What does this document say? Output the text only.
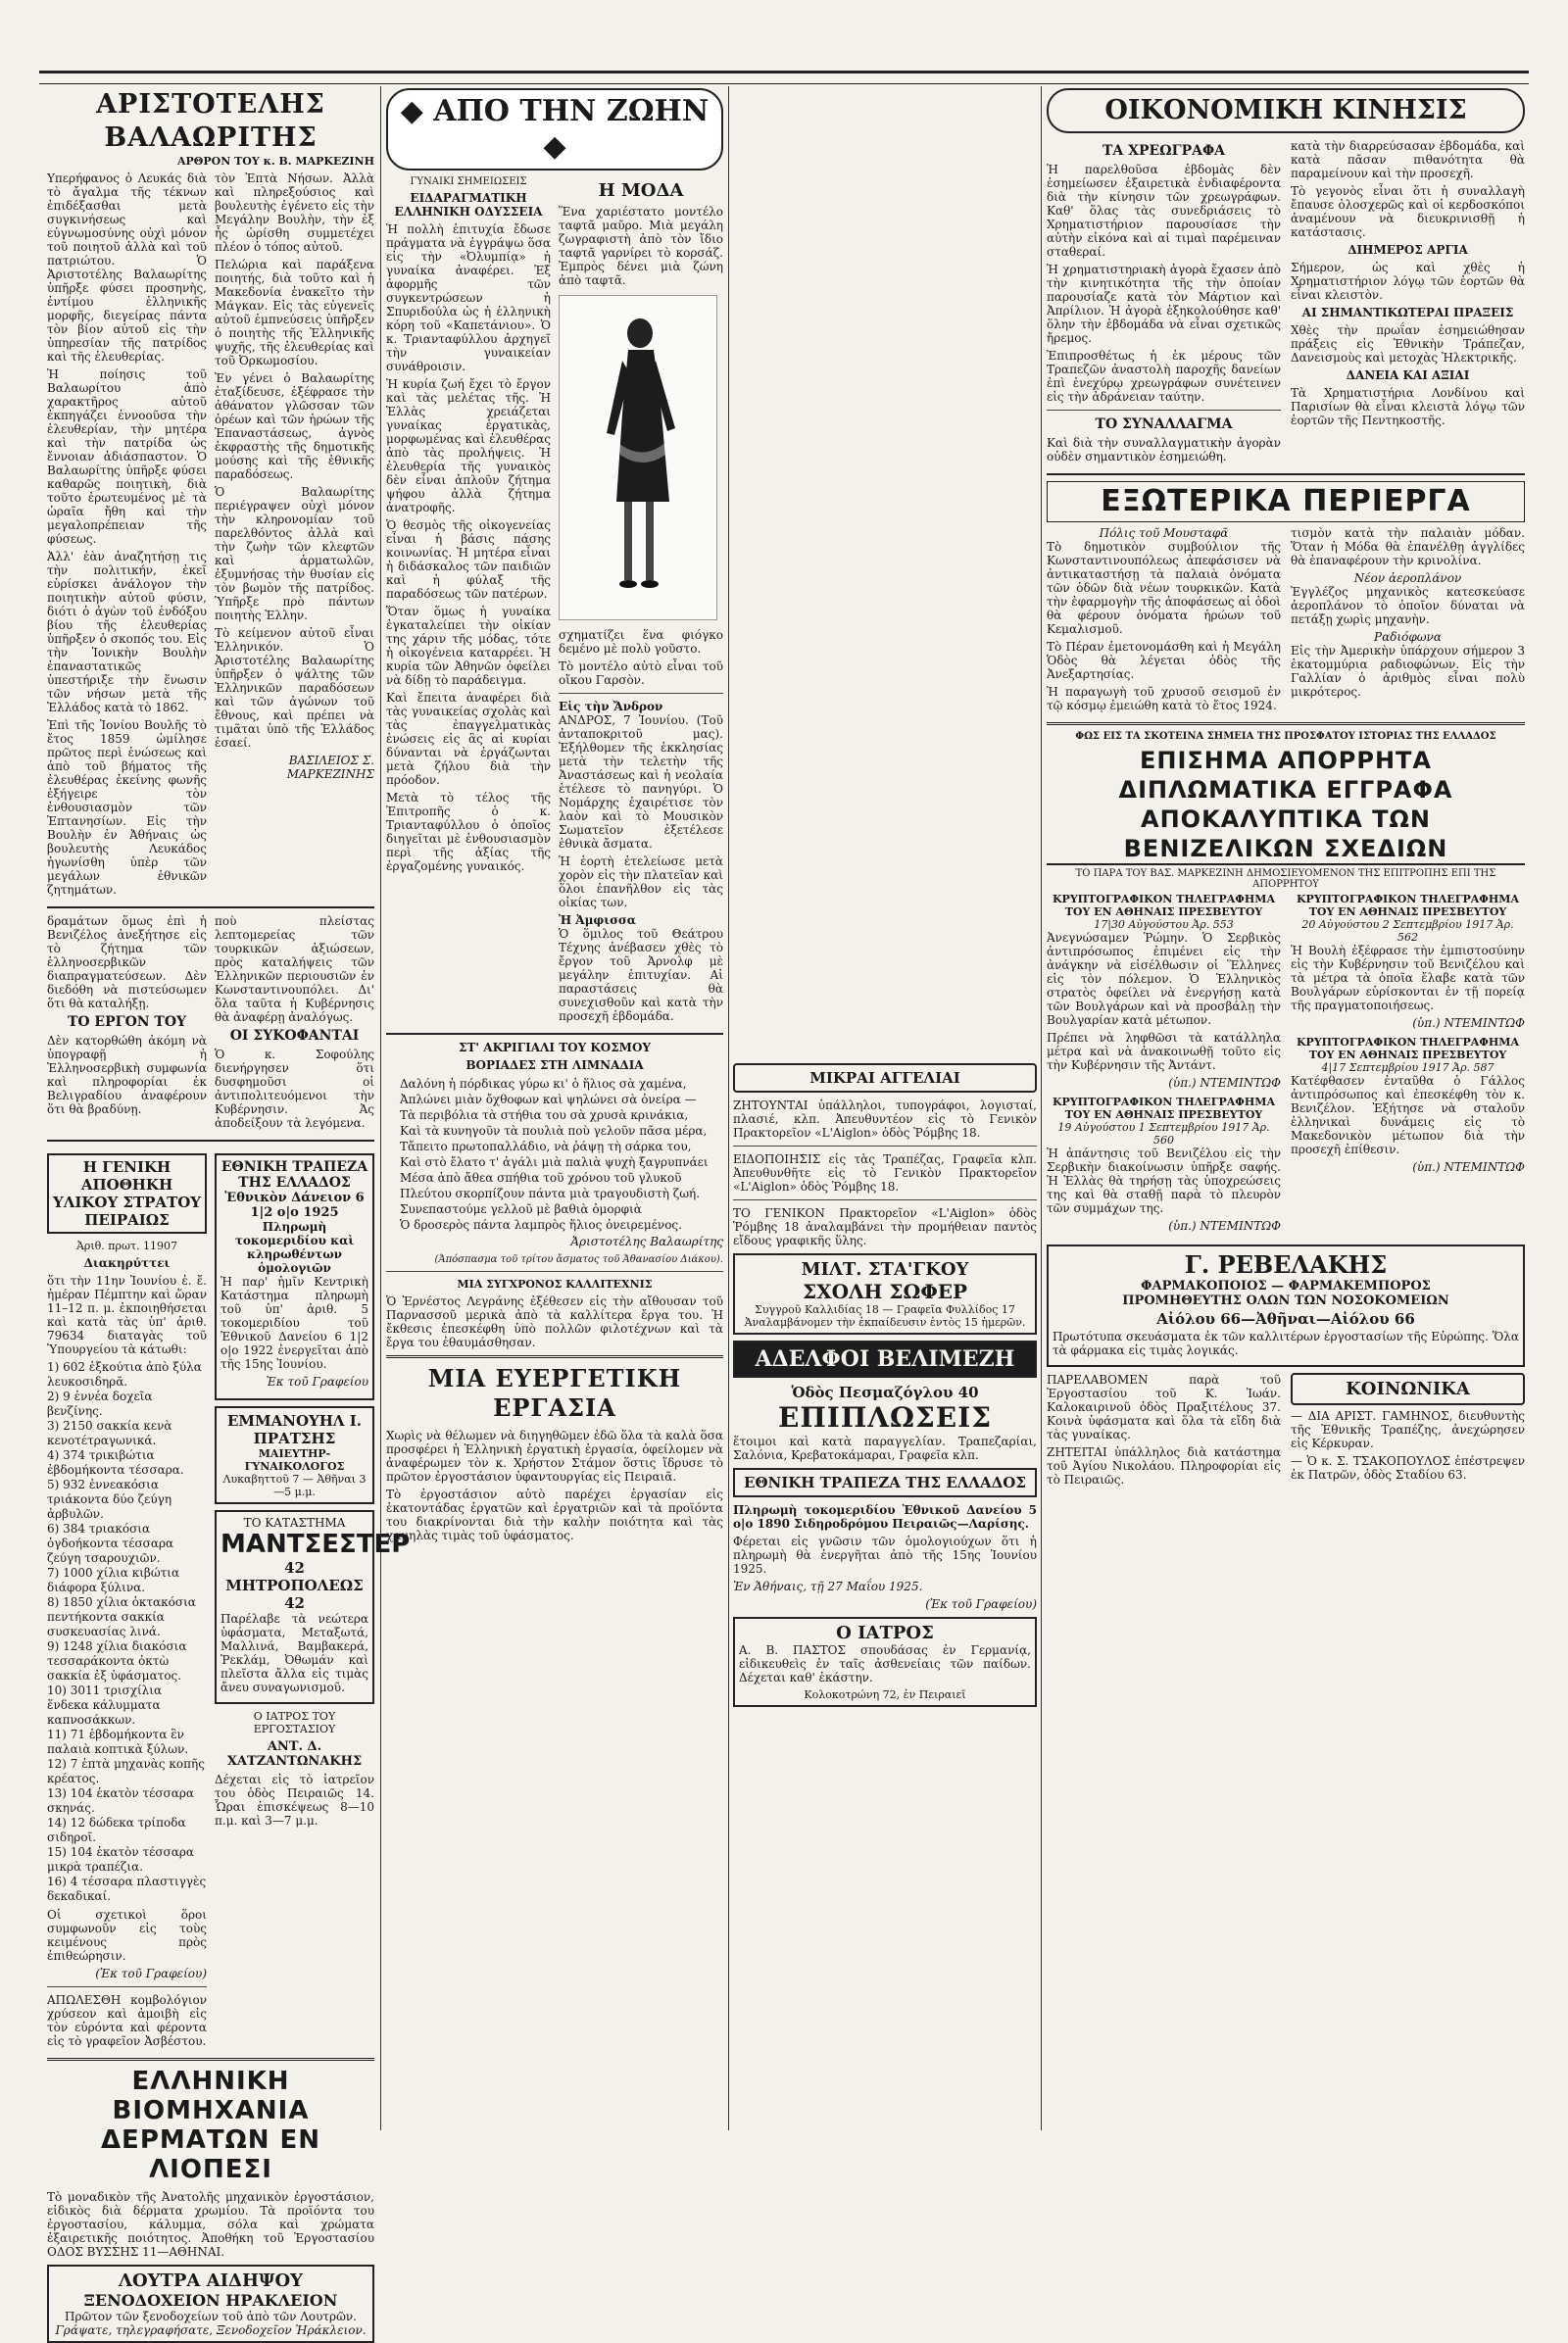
ΑΡΙΣΤΟΤΕΛΗΣ ΒΑΛΑΩΡΙΤΗΣ
ΑΡΘΡΟΝ ΤΟΥ κ. Β. ΜΑΡΚΕΖΙΝΗ

Υπερήφανος ὁ Λευκάς διὰ τὸ ἄγαλμα τῆς τέκνων ἐπιδέξασθαι μετὰ συγκινήσεως καὶ εὐγνωμοσύνης οὐχὶ μόνον τοῦ ποιητοῦ ἀλλὰ καὶ τοῦ πατριώτου. Ὁ Ἀριστοτέλης Βαλαωρίτης ὑπῆρξε φύσει προσηνὴς, ἐντίμου ἑλληνικῆς μορφῆς, διεγείρας πάντα τὸν βίον αὐτοῦ εἰς τὴν ὑπηρεσίαν τῆς πατρίδος καὶ τῆς ἐλευθερίας.

Ἡ ποίησις τοῦ Βαλαωρίτου ἀπὸ χαρακτῆρος αὐτοῦ ἐκπηγάζει ἐννοοῦσα τὴν ἐλευθερίαν, τὴν μητέρα καὶ τὴν πατρίδα ὡς ἔννοιαν ἀδιάσπαστον. Ὁ Βαλαωρίτης ὑπῆρξε φύσει καθαρῶς ποιητικὴ, διὰ τοῦτο ἐρωτευμένος μὲ τὰ ὡραῖα ἤθη καὶ τὴν μεγαλοπρέπειαν τῆς φύσεως.

Ἀλλ' ἐὰν ἀναζητήσῃ τις τὴν πολιτικήν, ἐκεῖ εὑρίσκει ἀνάλογον τὴν ποιητικὴν αὐτοῦ φύσιν, διότι ὁ ἀγὼν τοῦ ἐνδόξου βίου τῆς ἐλευθερίας ὑπῆρξεν ὁ σκοπός του. Εἰς τὴν Ἰονικὴν Βουλὴν ἐπαναστατικῶς ὑπεστήριξε τὴν ἕνωσιν τῶν νήσων μετὰ τῆς Ἑλλάδος κατὰ τὸ 1862.

Ἐπὶ τῆς Ἰονίου Βουλῆς τὸ ἔτος 1859 ὡμίλησε πρῶτος περὶ ἑνώσεως καὶ ἀπὸ τοῦ βήματος τῆς ἐλευθέρας ἐκείνης φωνῆς ἐξήγειρε τὸν ἐνθουσιασμὸν τῶν Ἑπτανησίων. Εἰς τὴν Βουλὴν ἐν Ἀθήναις ὡς βουλευτὴς Λευκάδος ἠγωνίσθη ὑπὲρ τῶν μεγάλων ἐθνικῶν ζητημάτων.

τὸν Ἐπτὰ Νήσων. Ἀλλὰ καὶ πληρεξούσιος καὶ βουλευτὴς ἐγένετο εἰς τὴν Μεγάλην Βουλὴν, τὴν ἐξ ἧς ὡρίσθη συμμετέχει πλέον ὁ τόπος αὐτοῦ.

Πελώρια καὶ παράξενα ποιητής, διὰ τοῦτο καὶ ἡ Μακεδονία ἐνακεῖτο τὴν Μάγκαν. Εἰς τὰς εὐγενεῖς αὐτοῦ ἐμπνεύσεις ὑπῆρξεν ὁ ποιητὴς τῆς Ἑλληνικῆς ψυχῆς, τῆς ἐλευθερίας καὶ τοῦ Ὀρκωμοσίου.

Ἐν γένει ὁ Βαλαωρίτης ἐταξίδευσε, ἐξέφρασε τὴν ἀθάνατον γλῶσσαν τῶν ὀρέων καὶ τῶν ἡρώων τῆς Ἑπαναστάσεως, ἀγνὸς ἐκφραστὴς τῆς δημοτικῆς μούσης καὶ τῆς ἐθνικῆς παραδόσεως.

Ὁ Βαλαωρίτης περιέγραψεν οὐχὶ μόνον τὴν κληρονομίαν τοῦ παρελθόντος ἀλλὰ καὶ τὴν ζωὴν τῶν κλεφτῶν καὶ ἁρματωλῶν, ἐξυμνήσας τὴν θυσίαν εἰς τὸν βωμὸν τῆς πατρίδος. Ὑπῆρξε πρὸ πάντων ποιητὴς Ἑλλην.

Τὸ κείμενον αὐτοῦ εἶναι Ἑλληνικόν. Ὁ Ἀριστοτέλης Βαλαωρίτης ὑπῆρξεν ὁ ψάλτης τῶν Ἑλληνικῶν παραδόσεων καὶ τῶν ἀγώνων τοῦ ἔθνους, καὶ πρέπει νὰ τιμᾶται ὑπὸ τῆς Ἑλλάδος ἐσαεί.

ΒΑΣΙΛΕΙΟΣ Σ. ΜΑΡΚΕΖΙΝΗΣ

δραμάτων ὅμως ἐπὶ ἡ Βενιζέλος ἀνεξήτησε εἰς τὸ ζήτημα τῶν ἑλληνοσερβικῶν διαπραγματεύσεων. Δὲν διεδόθη νὰ πιστεύσωμεν ὅτι θὰ καταλήξῃ.

ΤΟ ΕΡΓΟΝ ΤΟΥ

Δὲν κατορθώθη ἀκόμη νὰ ὑπογραφῇ ἡ Ἑλληνοσερβικὴ συμφωνία καὶ πληροφορίαι ἐκ Βελιγραδίου ἀναφέρουν ὅτι θὰ βραδύνῃ.

ποὺ πλείστας λεπτομερείας τῶν τουρκικῶν ἀξιώσεων, πρὸς καταλήψεις τῶν Ἑλληνικῶν περιουσιῶν ἐν Κωνσταντινουπόλει. Δι' ὅλα ταῦτα ἡ Κυβέρνησις θὰ ἀναφέρῃ ἀναλόγως.

ΟΙ ΣΥΚΟΦΑΝΤΑΙ

Ὁ κ. Σοφούλης διενήργησεν ὅτι δυσφημοῦσι οἱ ἀντιπολιτευόμενοι τὴν Κυβέρνησιν. Ἀς ἀποδείξουν τὰ λεγόμενα.

Η ΓΕΝΙΚΗ ΑΠΟΘΗΚΗ ΥΛΙΚΟΥ ΣΤΡΑΤΟΥ ΠΕΙΡΑΙΩΣ
Ἀριθ. πρωτ. 11907
Διακηρύττει

ὅτι τὴν 11ην Ἰουνίου ἐ. ἔ. ἡμέραν Πέμπτην καὶ ὥραν 11–12 π. μ. ἐκποιηθήσεται καὶ κατὰ τὰς ὑπ' ἀριθ. 79634 διαταγὰς τοῦ Ὑπουργείου τὰ κάτωθι:

1) 602 ἐξκούτια ἀπὸ ξύλα λευκοσιδηρᾶ.

2) 9 ἐννέα δοχεῖα βενζίνης.

3) 2150 σακκία κενὰ κενοτέτραγωνικά.

4) 374 τρικιβώτια ἐβδομήκοντα τέσσαρα.

5) 932 ἐννεακόσια τριάκοντα δύο ζεύγη ἀρβυλῶν.

6) 384 τριακόσια ὀγδοήκοντα τέσσαρα ζεύγη τσαρουχιῶν.

7) 1000 χίλια κιβώτια διάφορα ξύλινα.

8) 1850 χίλια ὀκτακόσια πεντήκοντα σακκία συσκευασίας λινά.

9) 1248 χίλια διακόσια τεσσαράκοντα ὀκτὼ σακκία ἐξ ὑφάσματος.

10) 3011 τρισχίλια ἕνδεκα κάλυμματα καπνοσάκκων.

11) 71 ἑβδομήκοντα ἓν παλαιὰ κοπτικὰ ξύλων.

12) 7 ἑπτὰ μηχανὰς κοπῆς κρέατος.

13) 104 ἑκατὸν τέσσαρα σκηνάς.

14) 12 δώδεκα τρίποδα σιδηροῖ.

15) 104 ἑκατὸν τέσσαρα μικρὰ τραπέζια.

16) 4 τέσσαρα πλαστιγγὲς δεκαδικαί.

Οἱ σχετικοὶ ὅροι συμφωνοῦν εἰς τοὺς κειμένους πρὸς ἐπιθεώρησιν.

(Ἐκ τοῦ Γραφείου)

ΑΠΩΛΕΣΘΗ κομβολόγιον χρύσεον καὶ ἀμοιβὴ εἰς τὸν εὑρόντα καὶ φέροντα εἰς τὸ γραφεῖον Ἀσβέστου.

ΕΘΝΙΚΗ ΤΡΑΠΕΖΑ ΤΗΣ ΕΛΛΑΔΟΣ
Ἐθνικὸν Δάνειον 6 1|2 ο|ο 1925
Πληρωμὴ τοκομεριδίου καὶ κληρωθέντων ὁμολογιῶν

Ἡ παρ' ἡμῖν Κεντρικὴ Κατάστημα πληρωμὴ τοῦ ὑπ' ἀριθ. 5 τοκομεριδίου τοῦ Ἐθνικοῦ Δανείου 6 1|2 ο|ο 1922 ἐνεργεῖται ἀπὸ τῆς 15ης Ἰουνίου.

Ἐκ τοῦ Γραφείου
ΕΜΜΑΝΟΥΗΛ Ι. ΠΡΑΤΣΗΣ
ΜΑΙΕΥΤΗΡ-ΓΥΝΑΙΚΟΛΟΓΟΣ
Λυκαβηττοῦ 7 — Ἀθῆναι 3—5 μ.μ.
ΤΟ ΚΑΤΑΣΤΗΜΑ
ΜΑΝΤΣΕΣΤΕΡ
42 ΜΗΤΡΟΠΟΛΕΩΣ 42

Παρέλαβε τὰ νεώτερα ὑφάσματα, Μεταξωτά, Μαλλινά, Βαμβακερά, Ῥεκλάμ, Ὀθωμάν καὶ πλεῖστα ἄλλα εἰς τιμὰς ἄνευ συναγωνισμοῦ.

Ο ΙΑΤΡΟΣ ΤΟΥ ΕΡΓΟΣΤΑΣΙΟΥ
ΑΝΤ. Δ. ΧΑΤΖΑΝΤΩΝΑΚΗΣ

Δέχεται εἰς τὸ ἰατρεῖον του ὁδὸς Πειραιῶς 14. Ὧραι ἐπισκέψεως 8—10 π.μ. καὶ 3—7 μ.μ.

ΕΛΛΗΝΙΚΗ ΒΙΟΜΗΧΑΝΙΑ ΔΕΡΜΑΤΩΝ ΕΝ ΛΙΟΠΕΣΙ

Τὸ μοναδικὸν τῆς Ἀνατολῆς μηχανικὸν ἐργοστάσιον, εἰδικὸς διὰ δέρματα χρωμίου. Τὰ προϊόντα του ἐργοστασίου, κάλυμμα, σόλα καὶ χρώματα ἐξαιρετικῆς ποιότητος. Ἀποθήκη τοῦ Ἐργοστασίου ΟΔΟΣ ΒΥΣΣΗΣ 11—ΑΘΗΝΑΙ.

ΛΟΥΤΡΑ ΑΙΔΗΨΟΥ
ΞΕΝΟΔΟΧΕΙΟΝ ΗΡΑΚΛΕΙΟΝ
Πρῶτον τῶν ξενοδοχείων τοῦ ἀπὸ τῶν Λουτρῶν.
Γράψατε, τηλεγραφήσατε, Ξενοδοχεῖον Ἡράκλειον.
◆ ΑΠΟ ΤΗΝ ΖΩΗΝ ◆
ΓΥΝΑΙΚΙ ΣΗΜΕΙΩΣΕΙΣ
ΕΙΔΑΡΑΓΜΑΤΙΚΗ ΕΛΛΗΝΙΚΗ ΟΔΥΣΣΕΙΑ

Ἡ πολλὴ ἐπιτυχία ἔδωσε πράγματα νὰ ἐγγράψω ὅσα εἰς τὴν «Ὀλυμπίᾳ» ἡ γυναίκα ἀναφέρει. Ἐξ ἀφορμῆς τῶν συγκεντρώσεων ἡ Σπυριδούλα ὡς ἡ ἑλληνικὴ κόρη τοῦ «Καπετάνιου». Ὁ κ. Τριανταφύλλου ἀρχηγεῖ τὴν γυναικείαν συνάθροισιν.

Ἡ κυρία ζωή ἔχει τὸ ἔργον καὶ τὰς μελέτας τῆς. Ἡ Ἑλλὰς χρειάζεται γυναίκας ἐργατικὰς, μορφωμένας καὶ ἐλευθέρας ἀπὸ τὰς προλήψεις. Ἡ ἐλευθερία τῆς γυναικὸς δὲν εἶναι ἁπλοῦν ζήτημα ψήφου ἀλλὰ ζήτημα ἀνατροφῆς.

Ὁ θεσμὸς τῆς οἰκογενείας εἶναι ἡ βάσις πάσης κοινωνίας. Ἡ μητέρα εἶναι ἡ διδάσκαλος τῶν παιδιῶν καὶ ἡ φύλαξ τῆς παραδόσεως τῶν πατέρων.

Ὅταν ὅμως ἡ γυναίκα ἐγκαταλείπει τὴν οἰκίαν της χάριν τῆς μόδας, τότε ἡ οἰκογένεια καταρρέει. Ἡ κυρία τῶν Ἀθηνῶν ὀφείλει νὰ δίδῃ τὸ παράδειγμα.

Καὶ ἔπειτα ἀναφέρει διὰ τὰς γυναικείας σχολὰς καὶ τὰς ἐπαγγελματικὰς ἑνώσεις εἰς ἃς αἱ κυρίαι δύνανται νὰ ἐργάζωνται μετὰ ζήλου διὰ τὴν πρόοδον.

Μετὰ τὸ τέλος τῆς Ἐπιτροπῆς ὁ κ. Τριανταφύλλου ὁ ὁποῖος διηγεῖται μὲ ἐνθουσιασμὸν περὶ τῆς ἀξίας τῆς ἐργαζομένης γυναικός.

Η ΜΟΔΑ

Ἕνα χαριέστατο μοντέλο ταφτᾶ μαῦρο. Μιὰ μεγάλη ζωγραφιστὴ ἀπὸ τὸν ἴδιο ταφτᾶ γαρνίρει τὸ κορσάζ. Ἐμπρὸς δένει μιὰ ζώνη ἀπὸ ταφτᾶ.

σχηματίζει ἕνα φιόγκο δεμένο μὲ πολὺ γοῦστο.

Τὸ μοντέλο αὐτὸ εἶναι τοῦ οἴκου Γαρσὸν.

Εἰς τὴν Ἄνδρον

ΑΝΔΡΟΣ, 7 Ἰουνίου. (Τοῦ ἀνταποκριτοῦ μας). Ἐξήλθομεν τῆς ἐκκλησίας μετὰ τὴν τελετὴν τῆς Ἀναστάσεως καὶ ἡ νεολαία ἐτέλεσε τὸ πανηγύρι. Ὁ Νομάρχης ἐχαιρέτισε τὸν λαὸν καὶ τὸ Μουσικὸν Σωματεῖον ἐξετέλεσε ἐθνικὰ ἄσματα.

Ἡ ἑορτὴ ἐτελείωσε μετὰ χορὸν εἰς τὴν πλατεῖαν καὶ ὅλοι ἐπανῆλθον εἰς τὰς οἰκίας των.

Ἡ Ἀμφισσα

Ὁ ὅμιλος τοῦ Θεάτρου Τέχνης ἀνέβασεν χθὲς τὸ ἔργον τοῦ Ἀρνολφ μὲ μεγάλην ἐπιτυχίαν. Αἱ παραστάσεις θὰ συνεχισθοῦν καὶ κατὰ τὴν προσεχῆ ἑβδομάδα.

ΣΤ' ΑΚΡΙΓΙΑΛΙ ΤΟΥ ΚΟΣΜΟΥ
ΒΟΡΙΑΔΕΣ ΣΤΗ ΛΙΜΝΑΔΙΑ
Δαλόνη ἡ πόρδικας γύρω κι' ὁ ἥλιος σὰ χαμένα,
Ἀπλώνει μιὰν ὄχθοφων καὶ ψηλώνει σὰ ὀνείρα —
Τὰ περιβόλια τὰ στήθια του σὰ χρυσὰ κρινάκια,
Καὶ τὰ κυνηγοῦν τὰ πουλιὰ ποὺ γελοῦν πᾶσα μέρα,
Τἄπειτο πρωτοπαλλάδιο, νὰ ῥάψῃ τὴ σάρκα του,
Καὶ στὸ ἔλατο τ' ἀγάλι μιὰ παλιὰ ψυχὴ ξαγρυπνάει
Μέσα ἀπὸ ἄθεα σπήθια τοῦ χρόνου τοῦ γλυκοῦ
Πλεύτου σκορπίζουν πάντα μιὰ τραγουδιστὴ ζωή.
Συνεπαστούμε γελλοῦ μὲ βαθιὰ ὀμορφιὰ
Ὁ δροσερὸς πάντα λαμπρὸς ἥλιος ὀνειρεμένος.
Ἀριστοτέλης Βαλαωρίτης
(Ἀπόσπασμα τοῦ τρίτου ἄσματος τοῦ Ἀθανασίου Διάκου).
ΜΙΑ ΣΥΓΧΡΟΝΟΣ ΚΑΛΛΙΤΕΧΝΙΣ

Ὁ Ἐρνέστος Λεγράνης ἐξέθεσεν εἰς τὴν αἴθουσαν τοῦ Παρνασσοῦ μερικὰ ἀπὸ τὰ καλλίτερα ἔργα του. Ἡ ἔκθεσις ἐπεσκέφθη ὑπὸ πολλῶν φιλοτέχνων καὶ τὰ ἔργα του ἐθαυμάσθησαν.

ΜΙΑ ΕΥΕΡΓΕΤΙΚΗ ΕΡΓΑΣΙΑ

Χωρὶς νὰ θέλωμεν νὰ διηγηθῶμεν ἐδῶ ὅλα τὰ καλὰ ὅσα προσφέρει ἡ Ἑλληνικὴ ἐργατικὴ ἐργασία, ὀφείλομεν νὰ ἀναφέρωμεν τὸν κ. Χρήστον Στάμον ὅστις ἵδρυσε τὸ πρῶτον ἐργοστάσιον ὑφαντουργίας εἰς Πειραιᾶ.

Τὸ ἐργοστάσιον αὐτὸ παρέχει ἐργασίαν εἰς ἑκατοντάδας ἐργατῶν καὶ ἐργατριῶν καὶ τὰ προϊόντα του διακρίνονται διὰ τὴν καλὴν ποιότητα καὶ τὰς χαμηλὰς τιμὰς τοῦ ὑφάσματος.

ΜΙΚΡΑΙ ΑΓΓΕΛΙΑΙ

ΖΗΤΟΥΝΤΑΙ ὑπάλληλοι, τυπογράφοι, λογισταί, πλασιέ, κλπ. Ἀπευθυντέον εἰς τὸ Γενικὸν Πρακτορεῖον «L'Aiglon» ὁδὸς Ῥόμβης 18.

ΕΙΔΟΠΟΙΗΣΙΣ εἰς τὰς Τραπέζας, Γραφεῖα κλπ. Ἀπευθυνθῆτε εἰς τὸ Γενικὸν Πρακτορεῖον «L'Aiglon» ὁδὸς Ῥόμβης 18.

ΤΟ ΓΕΝΙΚΟΝ Πρακτορεῖον «L'Aiglon» ὁδὸς Ῥόμβης 18 ἀναλαμβάνει τὴν προμήθειαν παντὸς εἴδους γραφικῆς ὕλης.

ΜΙΛΤ. ΣΤΑ'ΓΚΟΥ
ΣΧΟΛΗ ΣΩΦΕΡ
Συγγροῦ Καλλιδίας 18 — Γραφεῖα Φυλλίδος 17
Ἀναλαμβάνομεν τὴν ἐκπαίδευσιν ἐντὸς 15 ἡμερῶν.
ΑΔΕΛΦΟΙ ΒΕΛΙΜΕΖΗ
Ὁδὸς Πεσμαζόγλου 40
ΕΠΙΠΛΩΣΕΙΣ

ἕτοιμοι καὶ κατὰ παραγγελίαν. Τραπεζαρίαι, Σαλόνια, Κρεβατοκάμαραι, Γραφεῖα κλπ.

ΕΘΝΙΚΗ ΤΡΑΠΕΖΑ ΤΗΣ ΕΛΛΑΔΟΣ

Πληρωμὴ τοκομεριδίου Ἐθνικοῦ Δανείου 5 ο|ο 1890 Σιδηροδρόμου Πειραιῶς—Λαρίσης.

Φέρεται εἰς γνῶσιν τῶν ὁμολογιούχων ὅτι ἡ πληρωμὴ θὰ ἐνεργῆται ἀπὸ τῆς 15ης Ἰουνίου 1925.

Ἐν Ἀθήναις, τῇ 27 Μαΐου 1925.

(Ἐκ τοῦ Γραφείου)
Ο ΙΑΤΡΟΣ

Α. Β. ΠΑΣΤΟΣ σπουδάσας ἐν Γερμανίᾳ, εἰδικευθεὶς ἐν ταῖς ἀσθενείαις τῶν παίδων. Δέχεται καθ' ἑκάστην.

Κολοκοτρώνη 72, ἐν Πειραιεῖ
ΟΙΚΟΝΟΜΙΚΗ ΚΙΝΗΣΙΣ
ΤΑ ΧΡΕΩΓΡΑΦΑ

Ἡ παρελθοῦσα ἑβδομὰς δὲν ἐσημείωσεν ἐξαιρετικὰ ἐνδιαφέροντα διὰ τὴν κίνησιν τῶν χρεωγράφων. Καθ' ὅλας τὰς συνεδριάσεις τὸ Χρηματιστήριον παρουσίασε τὴν αὐτὴν εἰκόνα καὶ αἱ τιμαὶ παρέμειναν σταθεραί.

Ἡ χρηματιστηριακὴ ἀγορὰ ἔχασεν ἀπὸ τὴν κινητικότητα τῆς τὴν ὁποίαν παρουσίαζε κατὰ τὸν Μάρτιον καὶ Ἀπρίλιον. Ἡ ἀγορὰ ἐξηκολούθησε καθ' ὅλην τὴν ἑβδομάδα νὰ εἶναι σχετικῶς ἤρεμος.

Ἐπιπροσθέτως ἡ ἐκ μέρους τῶν Τραπεζῶν ἀναστολὴ παροχῆς δανείων ἐπὶ ἐνεχύρῳ χρεωγράφων συνέτεινεν εἰς τὴν ἀδράνειαν ταύτην.

ΤΟ ΣΥΝΑΛΛΑΓΜΑ

Καὶ διὰ τὴν συναλλαγματικὴν ἀγορὰν οὐδὲν σημαντικὸν ἐσημειώθη.

κατὰ τὴν διαρρεύσασαν ἑβδομάδα, καὶ κατὰ πᾶσαν πιθανότητα θὰ παραμείνουν καὶ τὴν προσεχῆ.

Τὸ γεγονὸς εἶναι ὅτι ἡ συναλλαγὴ ἔπαυσε ὁλοσχερῶς καὶ οἱ κερδοσκόποι ἀναμένουν νὰ διευκρινισθῇ ἡ κατάστασις.

ΔΙΗΜΕΡΟΣ ΑΡΓΙΑ

Σήμερον, ὡς καὶ χθὲς ἡ Χρηματιστήριον λόγῳ τῶν ἑορτῶν θὰ εἶναι κλειστὸν.

ΑΙ ΣΗΜΑΝΤΙΚΩΤΕΡΑΙ ΠΡΑΞΕΙΣ

Χθὲς τὴν πρωΐαν ἐσημειώθησαν πράξεις εἰς Ἐθνικὴν Τράπεζαν, Δανεισμοὺς καὶ μετοχὰς Ἠλεκτρικῆς.

ΔΑΝΕΙΑ ΚΑΙ ΑΞΙΑΙ

Τὰ Χρηματιστήρια Λονδίνου καὶ Παρισίων θὰ εἶναι κλειστὰ λόγῳ τῶν ἑορτῶν τῆς Πεντηκοστῆς.

ΕΞΩΤΕΡΙΚΑ ΠΕΡΙΕΡΓΑ
Πόλις τοῦ Μουσταφᾶ

Τὸ δημοτικὸν συμβούλιον τῆς Κωνσταντινουπόλεως ἀπεφάσισεν νὰ ἀντικαταστήσῃ τὰ παλαιὰ ὀνόματα τῶν ὁδῶν διὰ νέων τουρκικῶν. Κατὰ τὴν ἐφαρμογὴν τῆς ἀποφάσεως αἱ ὁδοὶ θὰ φέρουν ὀνόματα ἡρώων τοῦ Κεμαλισμοῦ.

Τὸ Πέραν ἐμετονομάσθη καὶ ἡ Μεγάλη Ὁδὸς θὰ λέγεται ὁδὸς τῆς Ἀνεξαρτησίας.

Ἡ παραγωγὴ τοῦ χρυσοῦ σεισμοῦ ἐν τῷ κόσμῳ ἐμειώθη κατὰ τὸ ἔτος 1924.

τισμὸν κατὰ τὴν παλαιὰν μόδαν. Ὅταν ἡ Μόδα θὰ ἐπανέλθῃ ἀγγλίδες θὰ ἐπαναφέρουν τὴν κρινολίνα.

Νέον ἀεροπλάνον

Ἐγγλέζος μηχανικὸς κατεσκεύασε ἀεροπλάνον τὸ ὁποῖον δύναται νὰ πετάξῃ χωρὶς μηχανὴν.

Ραδιόφωνα

Εἰς τὴν Ἀμερικὴν ὑπάρχουν σήμερον 3 ἑκατομμύρια ραδιοφώνων. Εἰς τὴν Γαλλίαν ὁ ἀριθμὸς εἶναι πολὺ μικρότερος.

ΦΩΣ ΕΙΣ ΤΑ ΣΚΟΤΕΙΝΑ ΣΗΜΕΙΑ ΤΗΣ ΠΡΟΣΦΑΤΟΥ ΙΣΤΟΡΙΑΣ ΤΗΣ ΕΛΛΑΔΟΣ
ΕΠΙΣΗΜΑ ΑΠΟΡΡΗΤΑ ΔΙΠΛΩΜΑΤΙΚΑ ΕΓΓΡΑΦΑ
ΑΠΟΚΑΛΥΠΤΙΚΑ ΤΩΝ ΒΕΝΙΖΕΛΙΚΩΝ ΣΧΕΔΙΩΝ
ΤΟ ΠΑΡΑ ΤΟΥ ΒΑΣ. ΜΑΡΚΕΖΙΝΗ ΔΗΜΟΣΙΕΥΟΜΕΝΟΝ ΤΗΣ ΕΠΙΤΡΟΠΗΣ ΕΠΙ ΤΗΣ ΑΠΟΡΡΗΤΟΥ
ΚΡΥΠΤΟΓΡΑΦΙΚΟΝ ΤΗΛΕΓΡΑΦΗΜΑ ΤΟΥ ΕΝ ΑΘΗΝΑΙΣ ΠΡΕΣΒΕΥΤΟΥ
17|30 Αὐγούστου Ἀρ. 553

Ἀνεγνώσαμεν Ῥώμην. Ὁ Σερβικὸς ἀντιπρόσωπος ἐπιμένει εἰς τὴν ἀνάγκην νὰ εἰσέλθωσιν οἱ Ἕλληνες εἰς τὸν πόλεμον. Ὁ Ἑλληνικὸς στρατὸς ὀφείλει νὰ ἐνεργήσῃ κατὰ τῶν Βουλγάρων καὶ νὰ προσβάλῃ τὴν Βουλγαρίαν κατὰ μέτωπον.

Πρέπει νὰ ληφθῶσι τὰ κατάλληλα μέτρα καὶ νὰ ἀνακοινωθῇ τοῦτο εἰς τὴν Κυβέρνησιν τῆς Ἀντάντ.

(ὑπ.) ΝΤΕΜΙΝΤΩΦ
ΚΡΥΠΤΟΓΡΑΦΙΚΟΝ ΤΗΛΕΓΡΑΦΗΜΑ ΤΟΥ ΕΝ ΑΘΗΝΑΙΣ ΠΡΕΣΒΕΥΤΟΥ
19 Αὐγούστου 1 Σεπτεμβρίου 1917 Ἀρ. 560

Ἡ ἀπάντησις τοῦ Βενιζέλου εἰς τὴν Σερβικὴν διακοίνωσιν ὑπῆρξε σαφής. Ἡ Ἑλλὰς θὰ τηρήσῃ τὰς ὑποχρεώσεις της καὶ θὰ σταθῇ παρὰ τὸ πλευρὸν τῶν συμμάχων της.

(ὑπ.) ΝΤΕΜΙΝΤΩΦ
ΚΡΥΠΤΟΓΡΑΦΙΚΟΝ ΤΗΛΕΓΡΑΦΗΜΑ ΤΟΥ ΕΝ ΑΘΗΝΑΙΣ ΠΡΕΣΒΕΥΤΟΥ
20 Αὐγούστου 2 Σεπτεμβρίου 1917 Ἀρ. 562

Ἡ Βουλὴ ἐξέφρασε τὴν ἐμπιστοσύνην εἰς τὴν Κυβέρνησιν τοῦ Βενιζέλου καὶ τὰ μέτρα τὰ ὁποῖα ἔλαβε κατὰ τῶν Βουλγάρων εὑρίσκονται ἐν τῇ πορείᾳ τῆς πραγματοποιήσεως.

(ὑπ.) ΝΤΕΜΙΝΤΩΦ
ΚΡΥΠΤΟΓΡΑΦΙΚΟΝ ΤΗΛΕΓΡΑΦΗΜΑ ΤΟΥ ΕΝ ΑΘΗΝΑΙΣ ΠΡΕΣΒΕΥΤΟΥ
4|17 Σεπτεμβρίου 1917 Ἀρ. 587

Κατέφθασεν ἐνταῦθα ὁ Γάλλος ἀντιπρόσωπος καὶ ἐπεσκέφθη τὸν κ. Βενιζέλον. Ἐξήτησε νὰ σταλοῦν ἑλληνικαὶ δυνάμεις εἰς τὸ Μακεδονικὸν μέτωπον διὰ τὴν προσεχῆ ἐπίθεσιν.

(ὑπ.) ΝΤΕΜΙΝΤΩΦ
Γ. ΡΕΒΕΛΑΚΗΣ
ΦΑΡΜΑΚΟΠΟΙΟΣ — ΦΑΡΜΑΚΕΜΠΟΡΟΣ
ΠΡΟΜΗΘΕΥΤΗΣ ΟΛΩΝ ΤΩΝ ΝΟΣΟΚΟΜΕΙΩΝ
Αἰόλου 66—Ἀθῆναι—Αἰόλου 66

Πρωτότυπα σκευάσματα ἐκ τῶν καλλιτέρων ἐργοστασίων τῆς Εὐρώπης. Ὅλα τὰ φάρμακα εἰς τιμὰς λογικάς.

ΠΑΡΕΛΑΒΟΜΕΝ παρὰ τοῦ Ἐργοστασίου τοῦ Κ. Ἰωάν. Καλοκαιρινοῦ ὁδὸς Πραξιτέλους 37. Κοινὰ ὑφάσματα καὶ ὅλα τὰ εἴδη διὰ τὰς γυναίκας.

ΖΗΤΕΙΤΑΙ ὑπάλληλος διὰ κατάστημα τοῦ Ἀγίου Νικολάου. Πληροφορίαι εἰς τὸ Πειραιῶς.

ΚΟΙΝΩΝΙΚΑ

— ΔΙΑ ΑΡΙΣΤ. ΓΑΜΗΝΟΣ, διευθυντὴς τῆς Ἐθνικῆς Τραπέζης, ἀνεχώρησεν εἰς Κέρκυραν.

— Ὁ κ. Σ. ΤΣΑΚΟΠΟΥΛΟΣ ἐπέστρεψεν ἐκ Πατρῶν, ὁδὸς Σταδίου 63.
